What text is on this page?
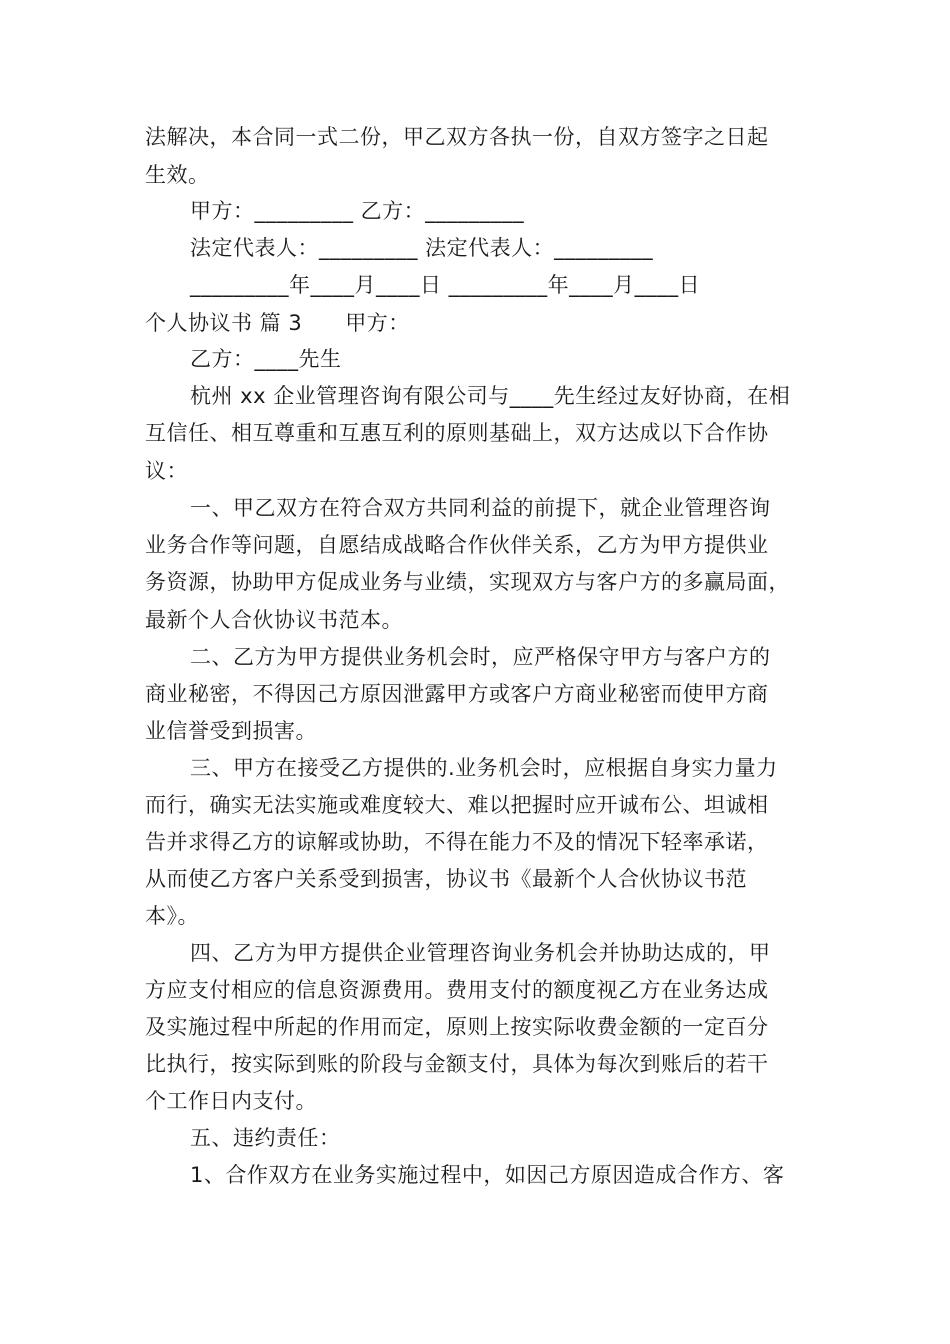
法解决，本合同一式二份，甲乙双方各执一份，自双方签字之日起
生效。
甲方：_________ 乙方：_________
法定代表人：_________ 法定代表人：_________
_________年____月____日 _________年____月____日
个人协议书 篇 3　　甲方：
乙方：____先生
杭州 xx 企业管理咨询有限公司与____先生经过友好协商，在相
互信任、相互尊重和互惠互利的原则基础上，双方达成以下合作协
议：
一、甲乙双方在符合双方共同利益的前提下，就企业管理咨询
业务合作等问题，自愿结成战略合作伙伴关系，乙方为甲方提供业
务资源，协助甲方促成业务与业绩，实现双方与客户方的多赢局面，
最新个人合伙协议书范本。
二、乙方为甲方提供业务机会时，应严格保守甲方与客户方的
商业秘密，不得因己方原因泄露甲方或客户方商业秘密而使甲方商
业信誉受到损害。
三、甲方在接受乙方提供的.业务机会时，应根据自身实力量力
而行，确实无法实施或难度较大、难以把握时应开诚布公、坦诚相
告并求得乙方的谅解或协助，不得在能力不及的情况下轻率承诺，
从而使乙方客户关系受到损害，协议书《最新个人合伙协议书范
本》。
四、乙方为甲方提供企业管理咨询业务机会并协助达成的，甲
方应支付相应的信息资源费用。费用支付的额度视乙方在业务达成
及实施过程中所起的作用而定，原则上按实际收费金额的一定百分
比执行，按实际到账的阶段与金额支付，具体为每次到账后的若干
个工作日内支付。
五、违约责任：
1、合作双方在业务实施过程中，如因己方原因造成合作方、客
